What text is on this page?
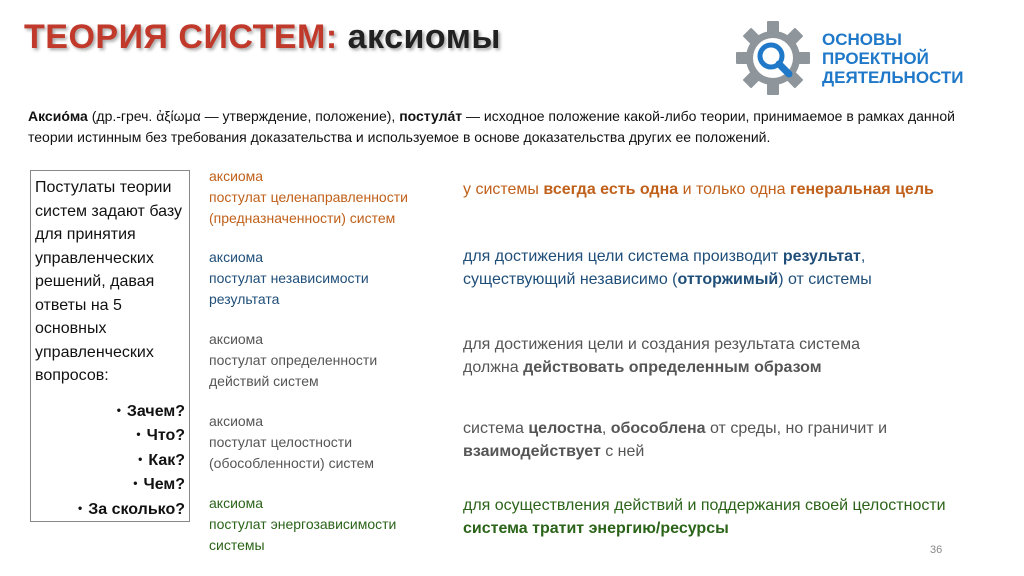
ТЕОРИЯ СИСТЕМ: аксиомы	ОСНОВЫ
ПРОЕКТНОЙ
ДЕЯТЕЛЬНОСТИ
Аксио́ма (др.-греч. ἀξίωμα — утверждение, положение), постула́т — исходное положение какой-либо теории, принимаемое в рамках данной теории истинным без требования доказательства и используемое в основе доказательства других ее положений.
Постулаты теории систем задают базу для принятия управленческих решений, давая ответы на 5 основных управленческих вопросов:
• Зачем?
• Что?
• Как?
• Чем?
• За сколько?
аксиома
постулат целенаправленности
(предназначенности) систем
у системы всегда есть одна и только одна генеральная цель
аксиома
постулат независимости
результата
для достижения цели система производит результат,
существующий независимо (отторжимый) от системы
аксиома
постулат определенности
действий систем
для достижения цели и создания результата система
должна действовать определенным образом
аксиома
постулат целостности
(обособленности) систем
система целостна, обособлена от среды, но граничит и
взаимодействует с ней
аксиома
постулат энергозависимости
системы
для осуществления действий и поддержания своей целостности
система тратит энергию/ресурсы
36
